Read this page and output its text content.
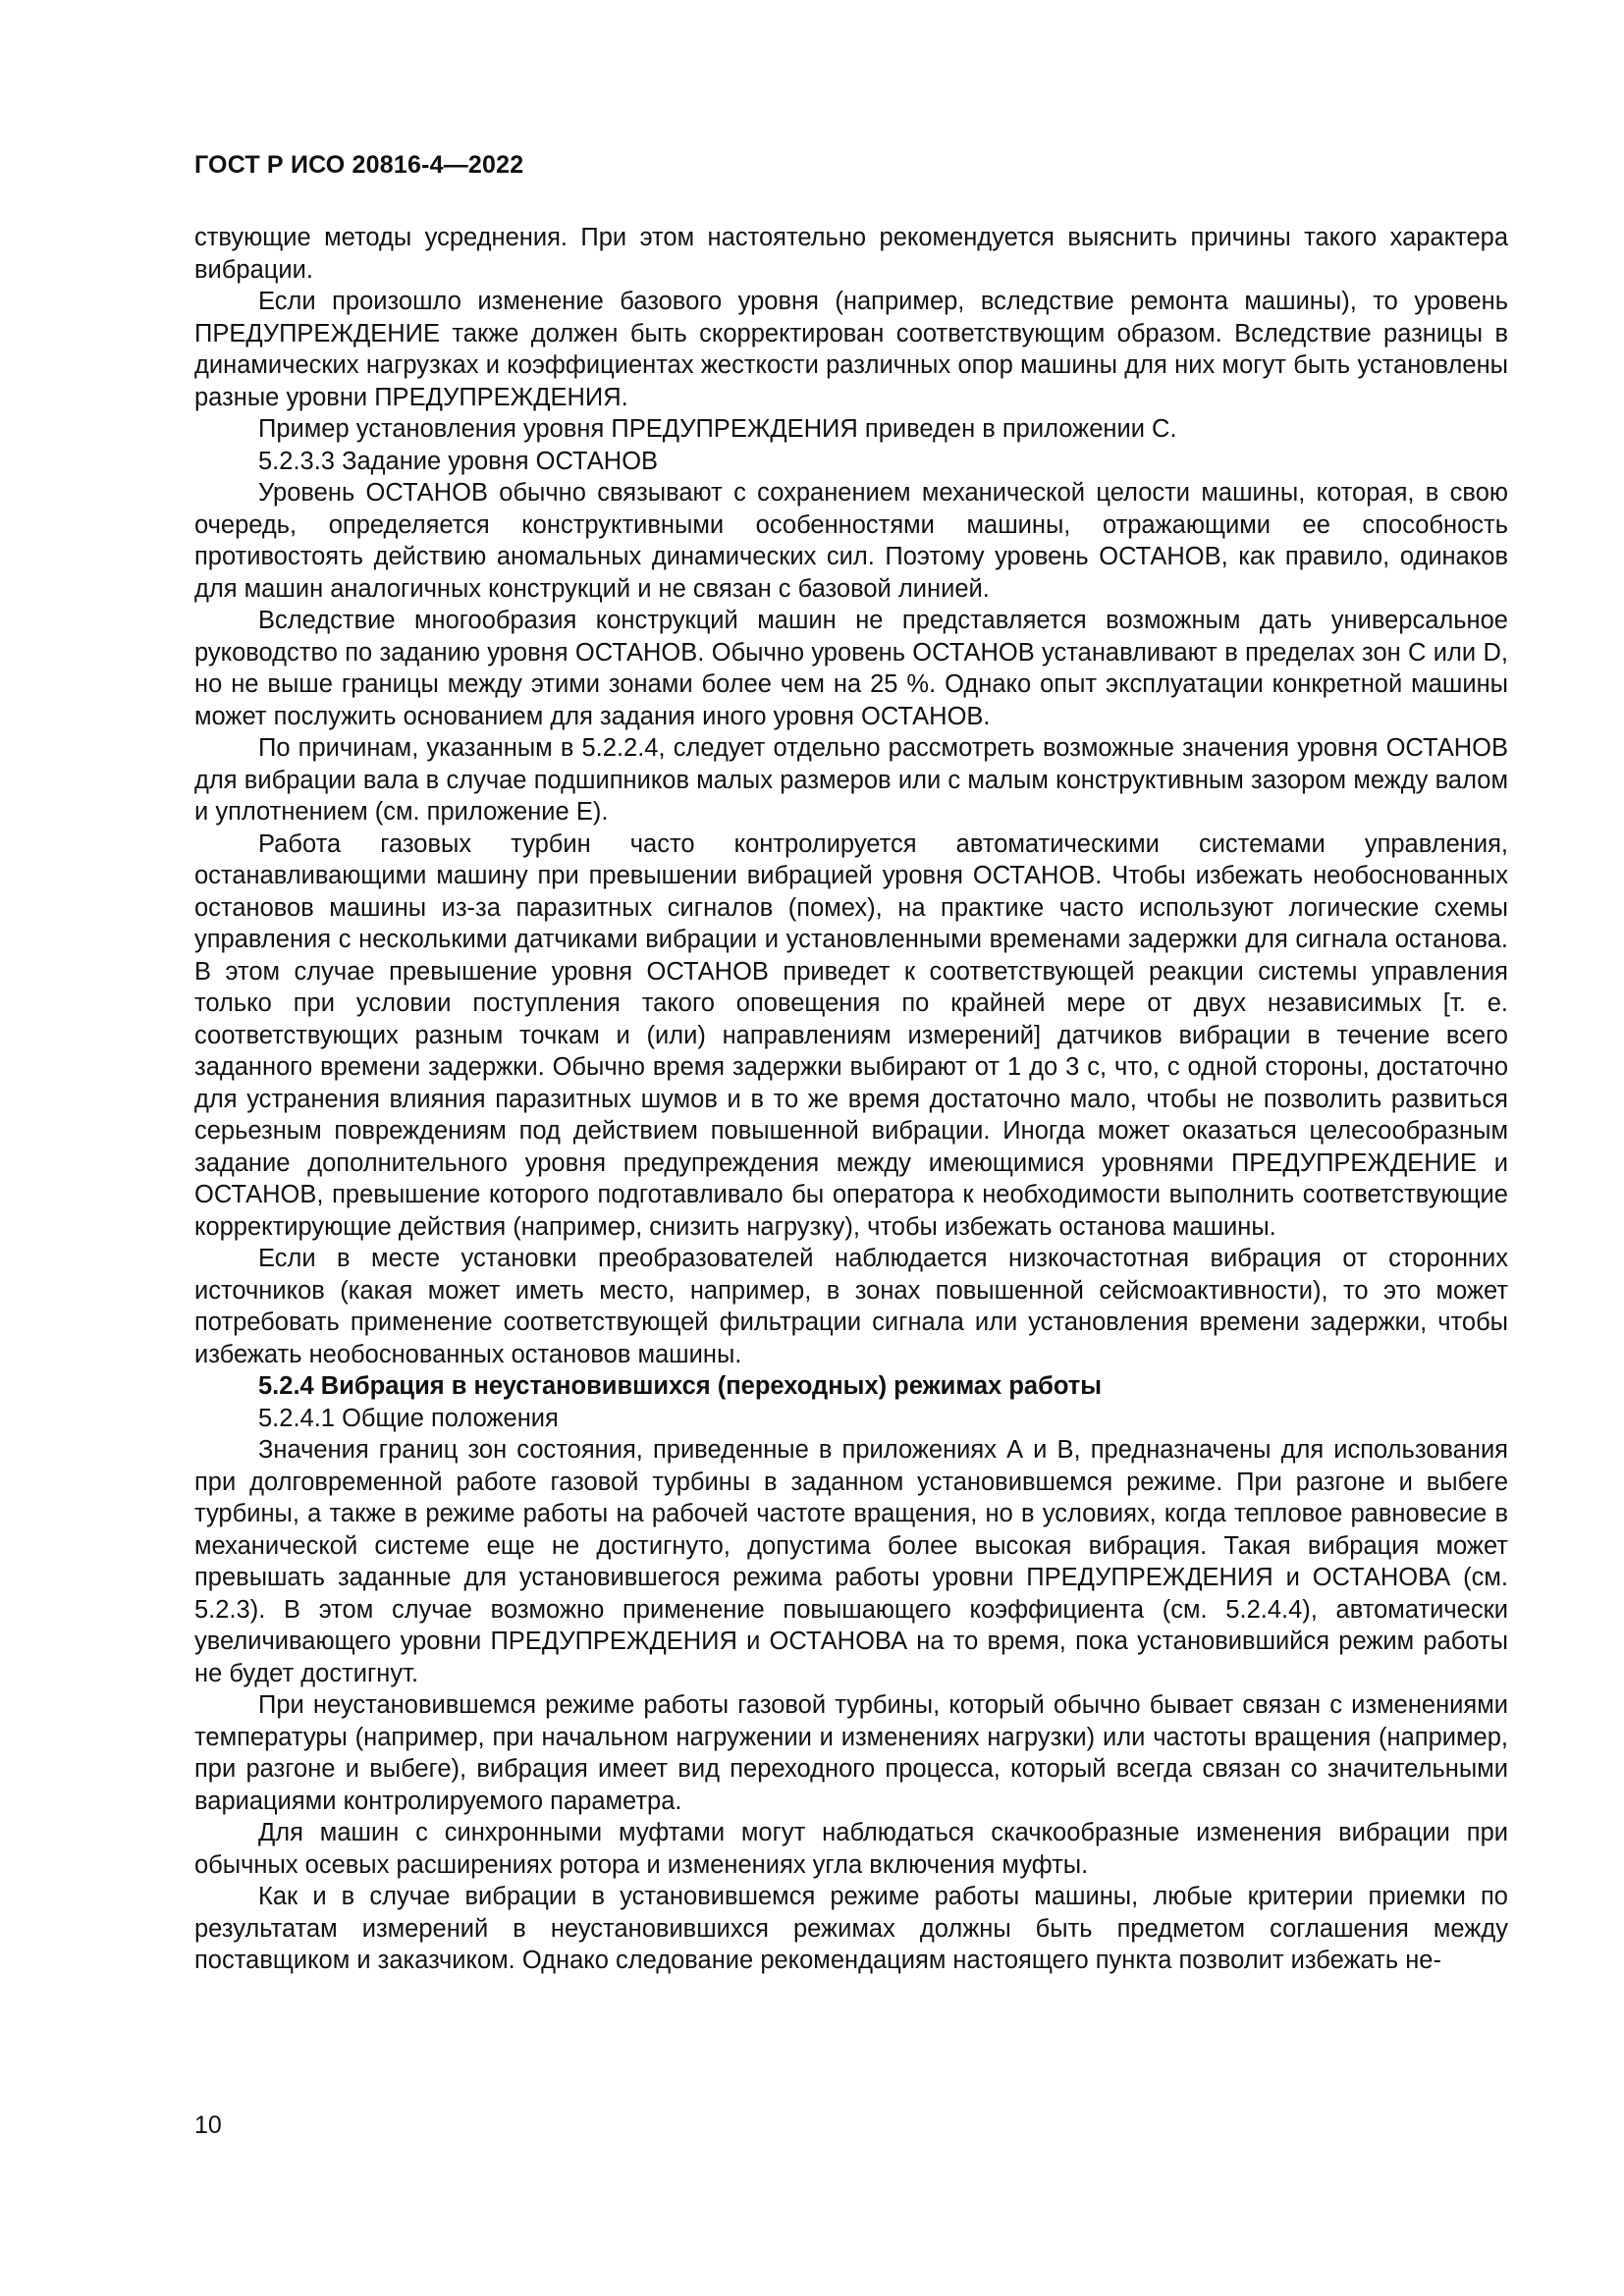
ГОСТ Р ИСО 20816-4—2022

ствующие методы усреднения. При этом настоятельно рекомендуется выяснить причины такого характера вибрации.

Если произошло изменение базового уровня (например, вследствие ремонта машины), то уровень ПРЕДУПРЕЖДЕНИЕ также должен быть скорректирован соответствующим образом. Вследствие разницы в динамических нагрузках и коэффициентах жесткости различных опор машины для них могут быть установлены разные уровни ПРЕДУПРЕЖДЕНИЯ.

Пример установления уровня ПРЕДУПРЕЖДЕНИЯ приведен в приложении С.

5.2.3.3 Задание уровня ОСТАНОВ

Уровень ОСТАНОВ обычно связывают с сохранением механической целости машины, которая, в свою очередь, определяется конструктивными особенностями машины, отражающими ее способность противостоять действию аномальных динамических сил. Поэтому уровень ОСТАНОВ, как правило, одинаков для машин аналогичных конструкций и не связан с базовой линией.

Вследствие многообразия конструкций машин не представляется возможным дать универсальное руководство по заданию уровня ОСТАНОВ. Обычно уровень ОСТАНОВ устанавливают в пределах зон С или D, но не выше границы между этими зонами более чем на 25 %. Однако опыт эксплуатации конкретной машины может послужить основанием для задания иного уровня ОСТАНОВ.

По причинам, указанным в 5.2.2.4, следует отдельно рассмотреть возможные значения уровня ОСТАНОВ для вибрации вала в случае подшипников малых размеров или с малым конструктивным зазором между валом и уплотнением (см. приложение Е).

Работа газовых турбин часто контролируется автоматическими системами управления, останавливающими машину при превышении вибрацией уровня ОСТАНОВ. Чтобы избежать необоснованных остановов машины из-за паразитных сигналов (помех), на практике часто используют логические схемы управления с несколькими датчиками вибрации и установленными временами задержки для сигнала останова. В этом случае превышение уровня ОСТАНОВ приведет к соответствующей реакции системы управления только при условии поступления такого оповещения по крайней мере от двух независимых [т. е. соответствующих разным точкам и (или) направлениям измерений] датчиков вибрации в течение всего заданного времени задержки. Обычно время задержки выбирают от 1 до 3 с, что, с одной стороны, достаточно для устранения влияния паразитных шумов и в то же время достаточно мало, чтобы не позволить развиться серьезным повреждениям под действием повышенной вибрации. Иногда может оказаться целесообразным задание дополнительного уровня предупреждения между имеющимися уровнями ПРЕДУПРЕЖДЕНИЕ и ОСТАНОВ, превышение которого подготавливало бы оператора к необходимости выполнить соответствующие корректирующие действия (например, снизить нагрузку), чтобы избежать останова машины.

Если в месте установки преобразователей наблюдается низкочастотная вибрация от сторонних источников (какая может иметь место, например, в зонах повышенной сейсмоактивности), то это может потребовать применение соответствующей фильтрации сигнала или установления времени задержки, чтобы избежать необоснованных остановов машины.

5.2.4 Вибрация в неустановившихся (переходных) режимах работы

5.2.4.1 Общие положения

Значения границ зон состояния, приведенные в приложениях А и В, предназначены для использования при долговременной работе газовой турбины в заданном установившемся режиме. При разгоне и выбеге турбины, а также в режиме работы на рабочей частоте вращения, но в условиях, когда тепловое равновесие в механической системе еще не достигнуто, допустима более высокая вибрация. Такая вибрация может превышать заданные для установившегося режима работы уровни ПРЕДУПРЕЖДЕНИЯ и ОСТАНОВА (см. 5.2.3). В этом случае возможно применение повышающего коэффициента (см. 5.2.4.4), автоматически увеличивающего уровни ПРЕДУПРЕЖДЕНИЯ и ОСТАНОВА на то время, пока установившийся режим работы не будет достигнут.

При неустановившемся режиме работы газовой турбины, который обычно бывает связан с изменениями температуры (например, при начальном нагружении и изменениях нагрузки) или частоты вращения (например, при разгоне и выбеге), вибрация имеет вид переходного процесса, который всегда связан со значительными вариациями контролируемого параметра.

Для машин с синхронными муфтами могут наблюдаться скачкообразные изменения вибрации при обычных осевых расширениях ротора и изменениях угла включения муфты.

Как и в случае вибрации в установившемся режиме работы машины, любые критерии приемки по результатам измерений в неустановившихся режимах должны быть предметом соглашения между поставщиком и заказчиком. Однако следование рекомендациям настоящего пункта позволит избежать не-

10
